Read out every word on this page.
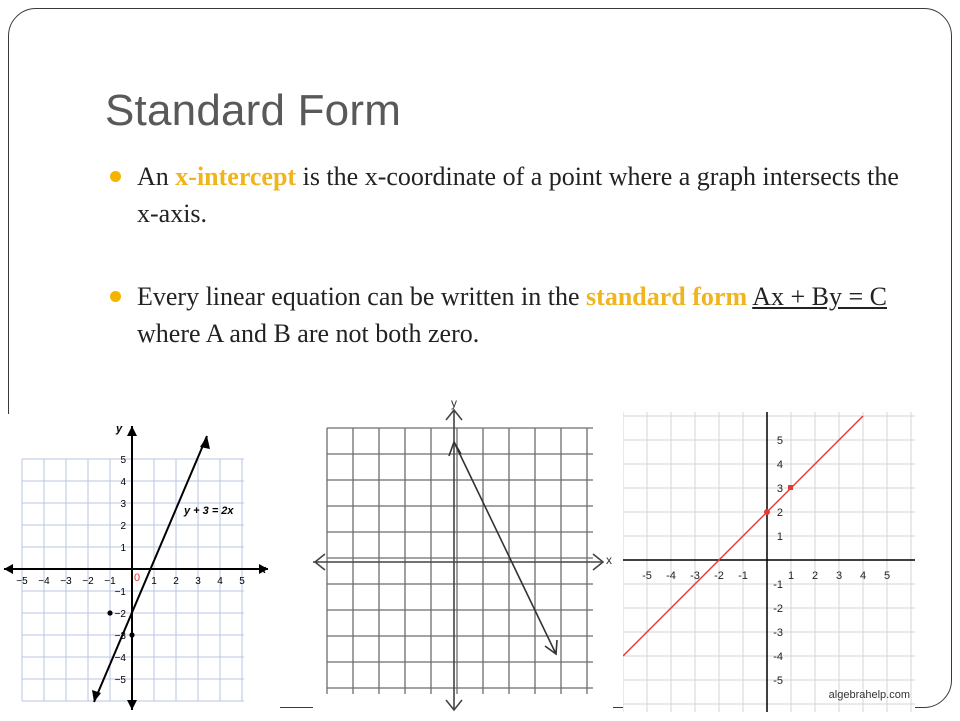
Standard Form
An x-intercept is the x-coordinate of a point where a graph intersects the x-axis.
Every linear equation can be written in the standard form Ax + By = C where A and B are not both zero.
−5 −4 −3 −2 −1	1 2 3 4 5
5
4
3
2
1
−1
−2
−3
−4
−5
x
y
0
y + 3 = 2x
x
y
-5 -4 -3 -2 -1	1 2 3 4 5
5
4
3
2
1
-1
-2
-3
-4
-5
algebrahelp.com
